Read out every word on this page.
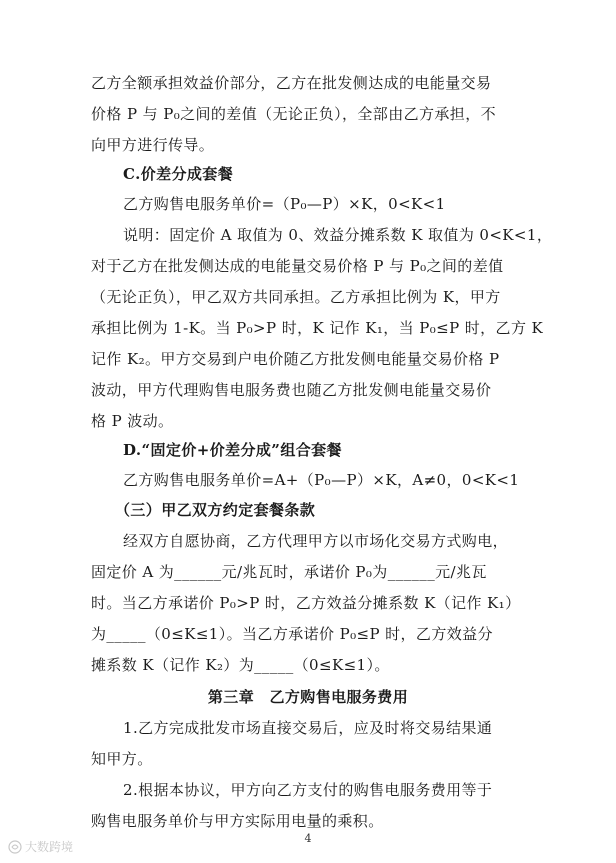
乙方全额承担效益价部分，乙方在批发侧达成的电能量交易
价格 P 与 P₀之间的差值（无论正负），全部由乙方承担，不
向甲方进行传导。
C.价差分成套餐
乙方购售电服务单价=（P₀—P）×K，0<K<1
说明：固定价 A 取值为 0、效益分摊系数 K 取值为 0<K<1，
对于乙方在批发侧达成的电能量交易价格 P 与 P₀之间的差值
（无论正负），甲乙双方共同承担。乙方承担比例为 K，甲方
承担比例为 1-K。当 P₀>P 时，K 记作 K₁，当 P₀≤P 时，乙方 K
记作 K₂。甲方交易到户电价随乙方批发侧电能量交易价格 P
波动，甲方代理购售电服务费也随乙方批发侧电能量交易价
格 P 波动。
D.“固定价+价差分成”组合套餐
乙方购售电服务单价=A+（P₀—P）×K，A≠0，0<K<1
（三）甲乙双方约定套餐条款
经双方自愿协商，乙方代理甲方以市场化交易方式购电，
固定价 A 为______元/兆瓦时，承诺价 P₀为______元/兆瓦
时。当乙方承诺价 P₀>P 时，乙方效益分摊系数 K（记作 K₁）
为_____（0≤K≤1）。当乙方承诺价 P₀≤P 时，乙方效益分
摊系数 K（记作 K₂）为_____（0≤K≤1）。
第三章　乙方购售电服务费用
1.乙方完成批发市场直接交易后，应及时将交易结果通
知甲方。
2.根据本协议，甲方向乙方支付的购售电服务费用等于
购售电服务单价与甲方实际用电量的乘积。
4
大数跨境
